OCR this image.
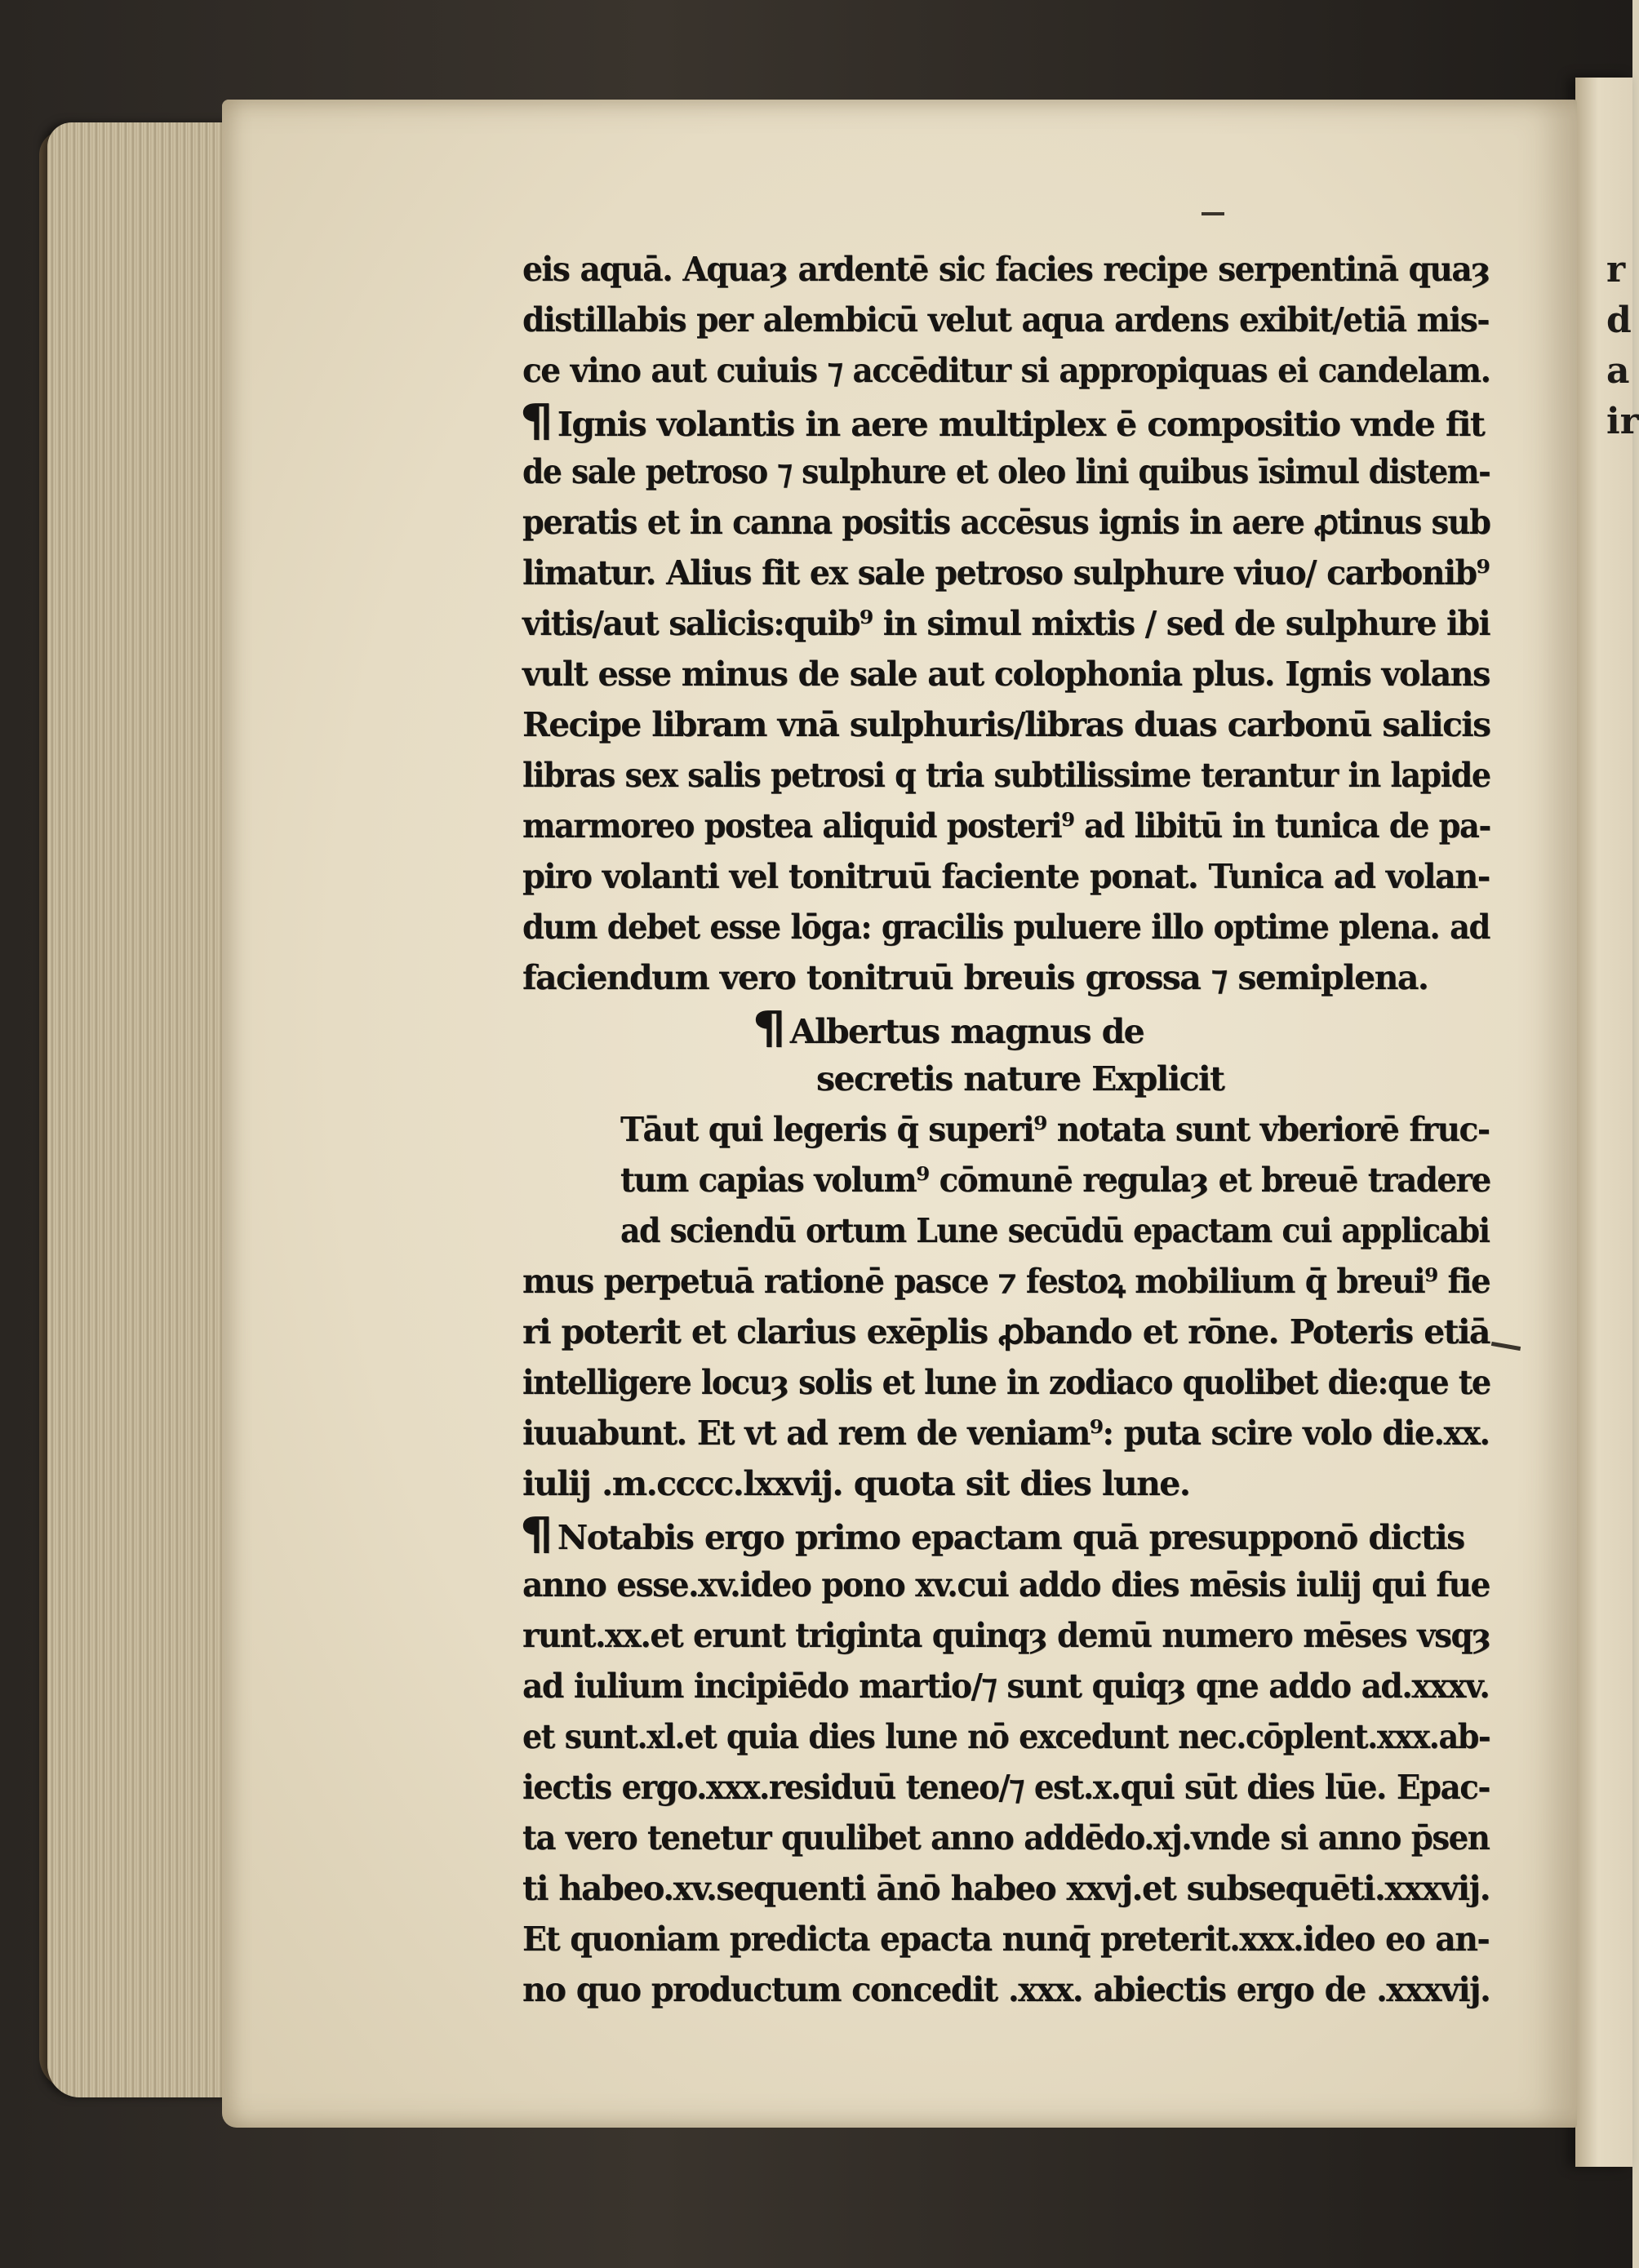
r
d
a
ir
eis aquā. Aquaȝ ardentē sic facies recipe serpentinā quaȝ
distillabis per alembicū velut aqua ardens exibit/etiā mis-
ce vino aut cuiuis ⁊ accēditur si appropiquas ei candelam.
¶ Ignis volantis in aere multiplex ē compositio vnde fit
de sale petroso ⁊ sulphure et oleo lini quibus īsimul distem-
peratis et in canna positis accēsus ignis in aere ꝓtinus sub
limatur. Alius fit ex sale petroso sulphure viuo/ carbonib⁹
vitis/aut salicis:quib⁹ in simul mixtis / sed de sulphure ibi
vult esse minus de sale aut colophonia plus. Ignis volans
Recipe libram vnā sulphuris/libras duas carbonū salicis
libras sex salis petrosi q tria subtilissime terantur in lapide
marmoreo postea aliquid posteri⁹ ad libitū in tunica de pa-
piro volanti vel tonitruū faciente ponat. Tunica ad volan-
dum debet esse lōga: gracilis puluere illo optime plena. ad
faciendum vero tonitruū breuis grossa ⁊ semiplena.
¶ Albertus magnus de
secretis nature Explicit
Tāut qui legeris q̄ superi⁹ notata sunt vberiorē fruc-
tum capias volum⁹ cōmunē regulaȝ et breuē tradere
ad sciendū ortum Lune secūdū epactam cui applicabi
mus perpetuā rationē pasce ⁊ festoꝝ mobilium q̄ breui⁹ fie
ri poterit et clarius exēplis ꝓbando et rōne. Poteris etiā
intelligere locuȝ solis et lune in zodiaco quolibet die:que te
iuuabunt. Et vt ad rem de veniam⁹: puta scire volo die.xx.
iulij .m.cccc.lxxvij. quota sit dies lune.
¶ Notabis ergo primo epactam quā presupponō dictis
anno esse.xv.ideo pono xv.cui addo dies mēsis iulij qui fue
runt.xx.et erunt triginta quinqȝ demū numero mēses vsqȝ
ad iulium incipiēdo martio/⁊ sunt quiqȝ qne addo ad.xxxv.
et sunt.xl.et quia dies lune nō excedunt nec.cōplent.xxx.ab-
iectis ergo.xxx.residuū teneo/⁊ est.x.qui sūt dies lūe. Epac-
ta vero tenetur quulibet anno addēdo.xj.vnde si anno p̄sen
ti habeo.xv.sequenti ānō habeo xxvj.et subsequēti.xxxvij.
Et quoniam predicta epacta nunq̄ preterit.xxx.ideo eo an-
no quo productum concedit .xxx. abiectis ergo de .xxxvij.
